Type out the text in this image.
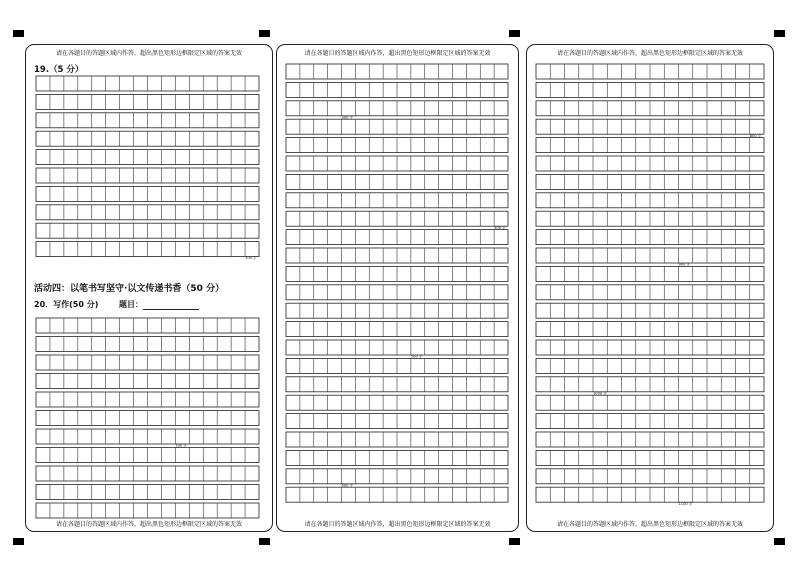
请在各题目的答题区域内作答，超出黑色矩形边框限定区域的答案无效
19.（5 分）
活动四：以笔书写坚守·以文传递书香（50 分）
20．写作(50 分)	题目：
请在各题目的答题区域内作答，超出黑色矩形边框限定区域的答案无效
请在各题目的答题区域内作答，超出黑色矩形边框限定区域的答案无效
请在各题目的答题区域内作答，超出黑色矩形边框限定区域的答案无效
请在各题目的答题区域内作答，超出黑色矩形边框限定区域的答案无效
请在各题目的答题区域内作答，超出黑色矩形边框限定区域的答案无效
100 字
100 字
300 字
400 字
500 字
600 字
800 字
900 字
1000 字
1100 字
